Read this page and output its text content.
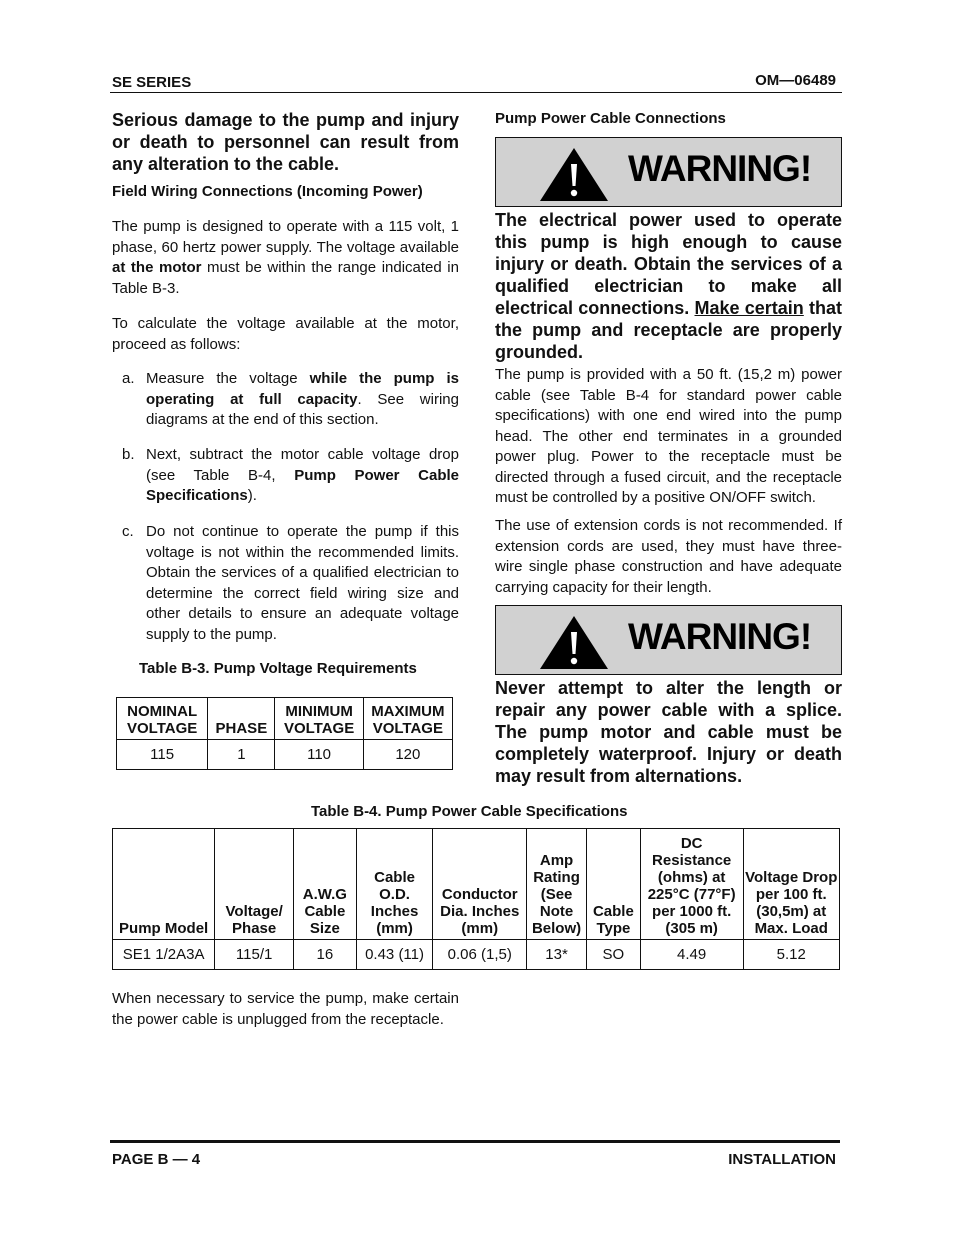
SE SERIES	OM—06489
Serious damage to the pump and injury or death to personnel can result from any alteration to the cable.
Field Wiring Connections (Incoming Power)
The pump is designed to operate with a 115 volt, 1 phase, 60 hertz power supply. The voltage available at the motor must be within the range indicated in Table B-3.
To calculate the voltage available at the motor, proceed as follows:
a. Measure the voltage while the pump is operating at full capacity. See wiring diagrams at the end of this section.
b. Next, subtract the motor cable voltage drop (see Table B-4, Pump Power Cable Specifications).
c. Do not continue to operate the pump if this voltage is not within the recommended limits. Obtain the services of a qualified electrician to determine the correct field wiring size and other details to ensure an adequate voltage supply to the pump.
Table B-3. Pump Voltage Requirements
NOMINAL VOLTAGE	PHASE	MINIMUM VOLTAGE	MAXIMUM VOLTAGE
115	1	110	120
Pump Power Cable Connections
WARNING!
The electrical power used to operate this pump is high enough to cause injury or death. Obtain the services of a qualified electrician to make all electrical connections. Make certain that the pump and receptacle are properly grounded.
The pump is provided with a 50 ft. (15,2 m) power cable (see Table B-4 for standard power cable specifications) with one end wired into the pump head. The other end terminates in a grounded power plug. Power to the receptacle must be directed through a fused circuit, and the receptacle must be controlled by a positive ON/OFF switch.
The use of extension cords is not recommended. If extension cords are used, they must have three-wire single phase construction and have adequate carrying capacity for their length.
WARNING!
Never attempt to alter the length or repair any power cable with a splice. The pump motor and cable must be completely waterproof. Injury or death may result from alternations.
Table B-4. Pump Power Cable Specifications
Pump Model	Voltage/ Phase	A.W.G Cable Size	Cable O.D. Inches (mm)	Conductor Dia. Inches (mm)	Amp Rating (See Note Below)	Cable Type	DC Resistance (ohms) at 225°C (77°F) per 1000 ft. (305 m)	Voltage Drop per 100 ft. (30,5m) at Max. Load
SE1 1/2A3A	115/1	16	0.43 (11)	0.06 (1,5)	13*	SO	4.49	5.12
When necessary to service the pump, make certain the power cable is unplugged from the receptacle.
PAGE B — 4	INSTALLATION
